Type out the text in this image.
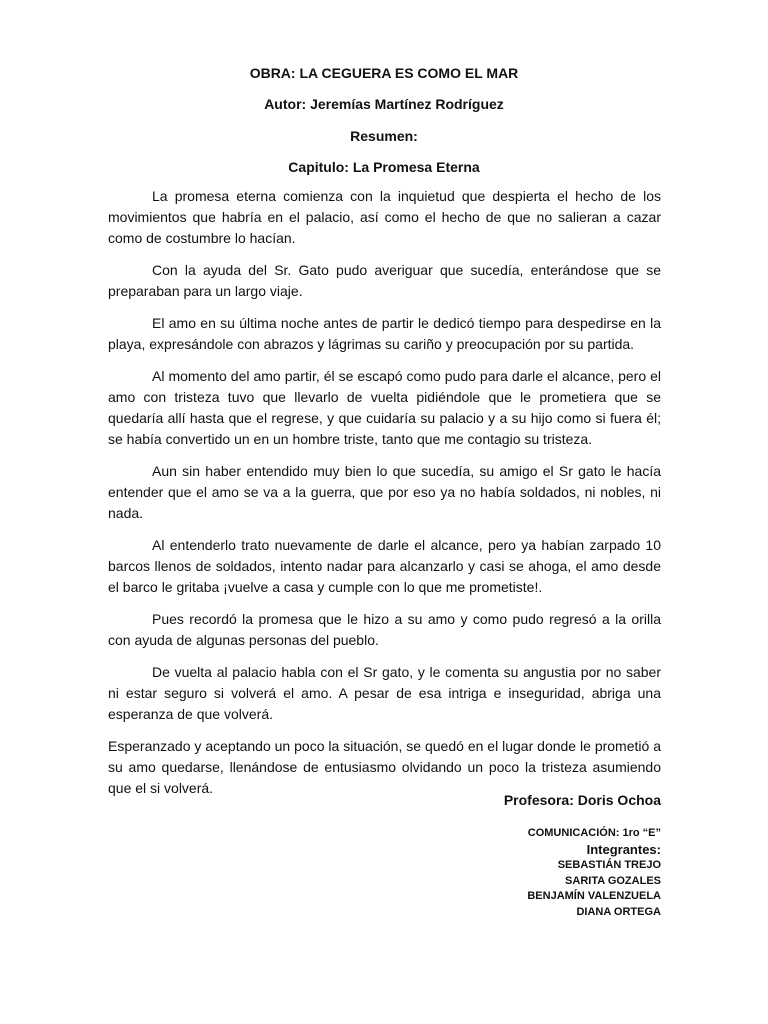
OBRA: LA CEGUERA ES COMO EL MAR
Autor: Jeremías Martínez Rodríguez
Resumen:
Capitulo: La Promesa Eterna

La promesa eterna comienza con la inquietud que despierta el hecho de los movimientos que habría en el palacio, así como el hecho de que no salieran a cazar como de costumbre lo hacían.

Con la ayuda del Sr. Gato pudo averiguar que sucedía, enterándose que se preparaban para un largo viaje.

El amo en su última noche antes de partir le dedicó tiempo para despedirse en la playa, expresándole con abrazos y lágrimas su cariño y preocupación por su partida.

Al momento del amo partir, él se escapó como pudo para darle el alcance, pero el amo con tristeza tuvo que llevarlo de vuelta pidiéndole que le prometiera que se quedaría allí hasta que el regrese, y que cuidaría su palacio y a su hijo como si fuera él; se había convertido un en un hombre triste, tanto que me contagio su tristeza.

Aun sin haber entendido muy bien lo que sucedía, su amigo el Sr gato le hacía entender que el amo se va a la guerra, que por eso ya no había soldados, ni nobles, ni nada.

Al entenderlo trato nuevamente de darle el alcance, pero ya habían zarpado 10 barcos llenos de soldados, intento nadar para alcanzarlo y casi se ahoga, el amo desde el barco le gritaba ¡vuelve a casa y cumple con lo que me prometiste!.

Pues recordó la promesa que le hizo a su amo y como pudo regresó a la orilla con ayuda de algunas personas del pueblo.

De vuelta al palacio habla con el Sr gato, y le comenta su angustia por no saber ni estar seguro si volverá el amo. A pesar de esa intriga e inseguridad, abriga una esperanza de que volverá.

Esperanzado y aceptando un poco la situación, se quedó en el lugar donde le prometió a su amo quedarse, llenándose de entusiasmo olvidando un poco la tristeza asumiendo que el si volverá.

Profesora: Doris Ochoa

COMUNICACIÓN: 1ro “E”
Integrantes:
SEBASTIÁN TREJO
SARITA GOZALES
BENJAMÍN VALENZUELA
DIANA ORTEGA
